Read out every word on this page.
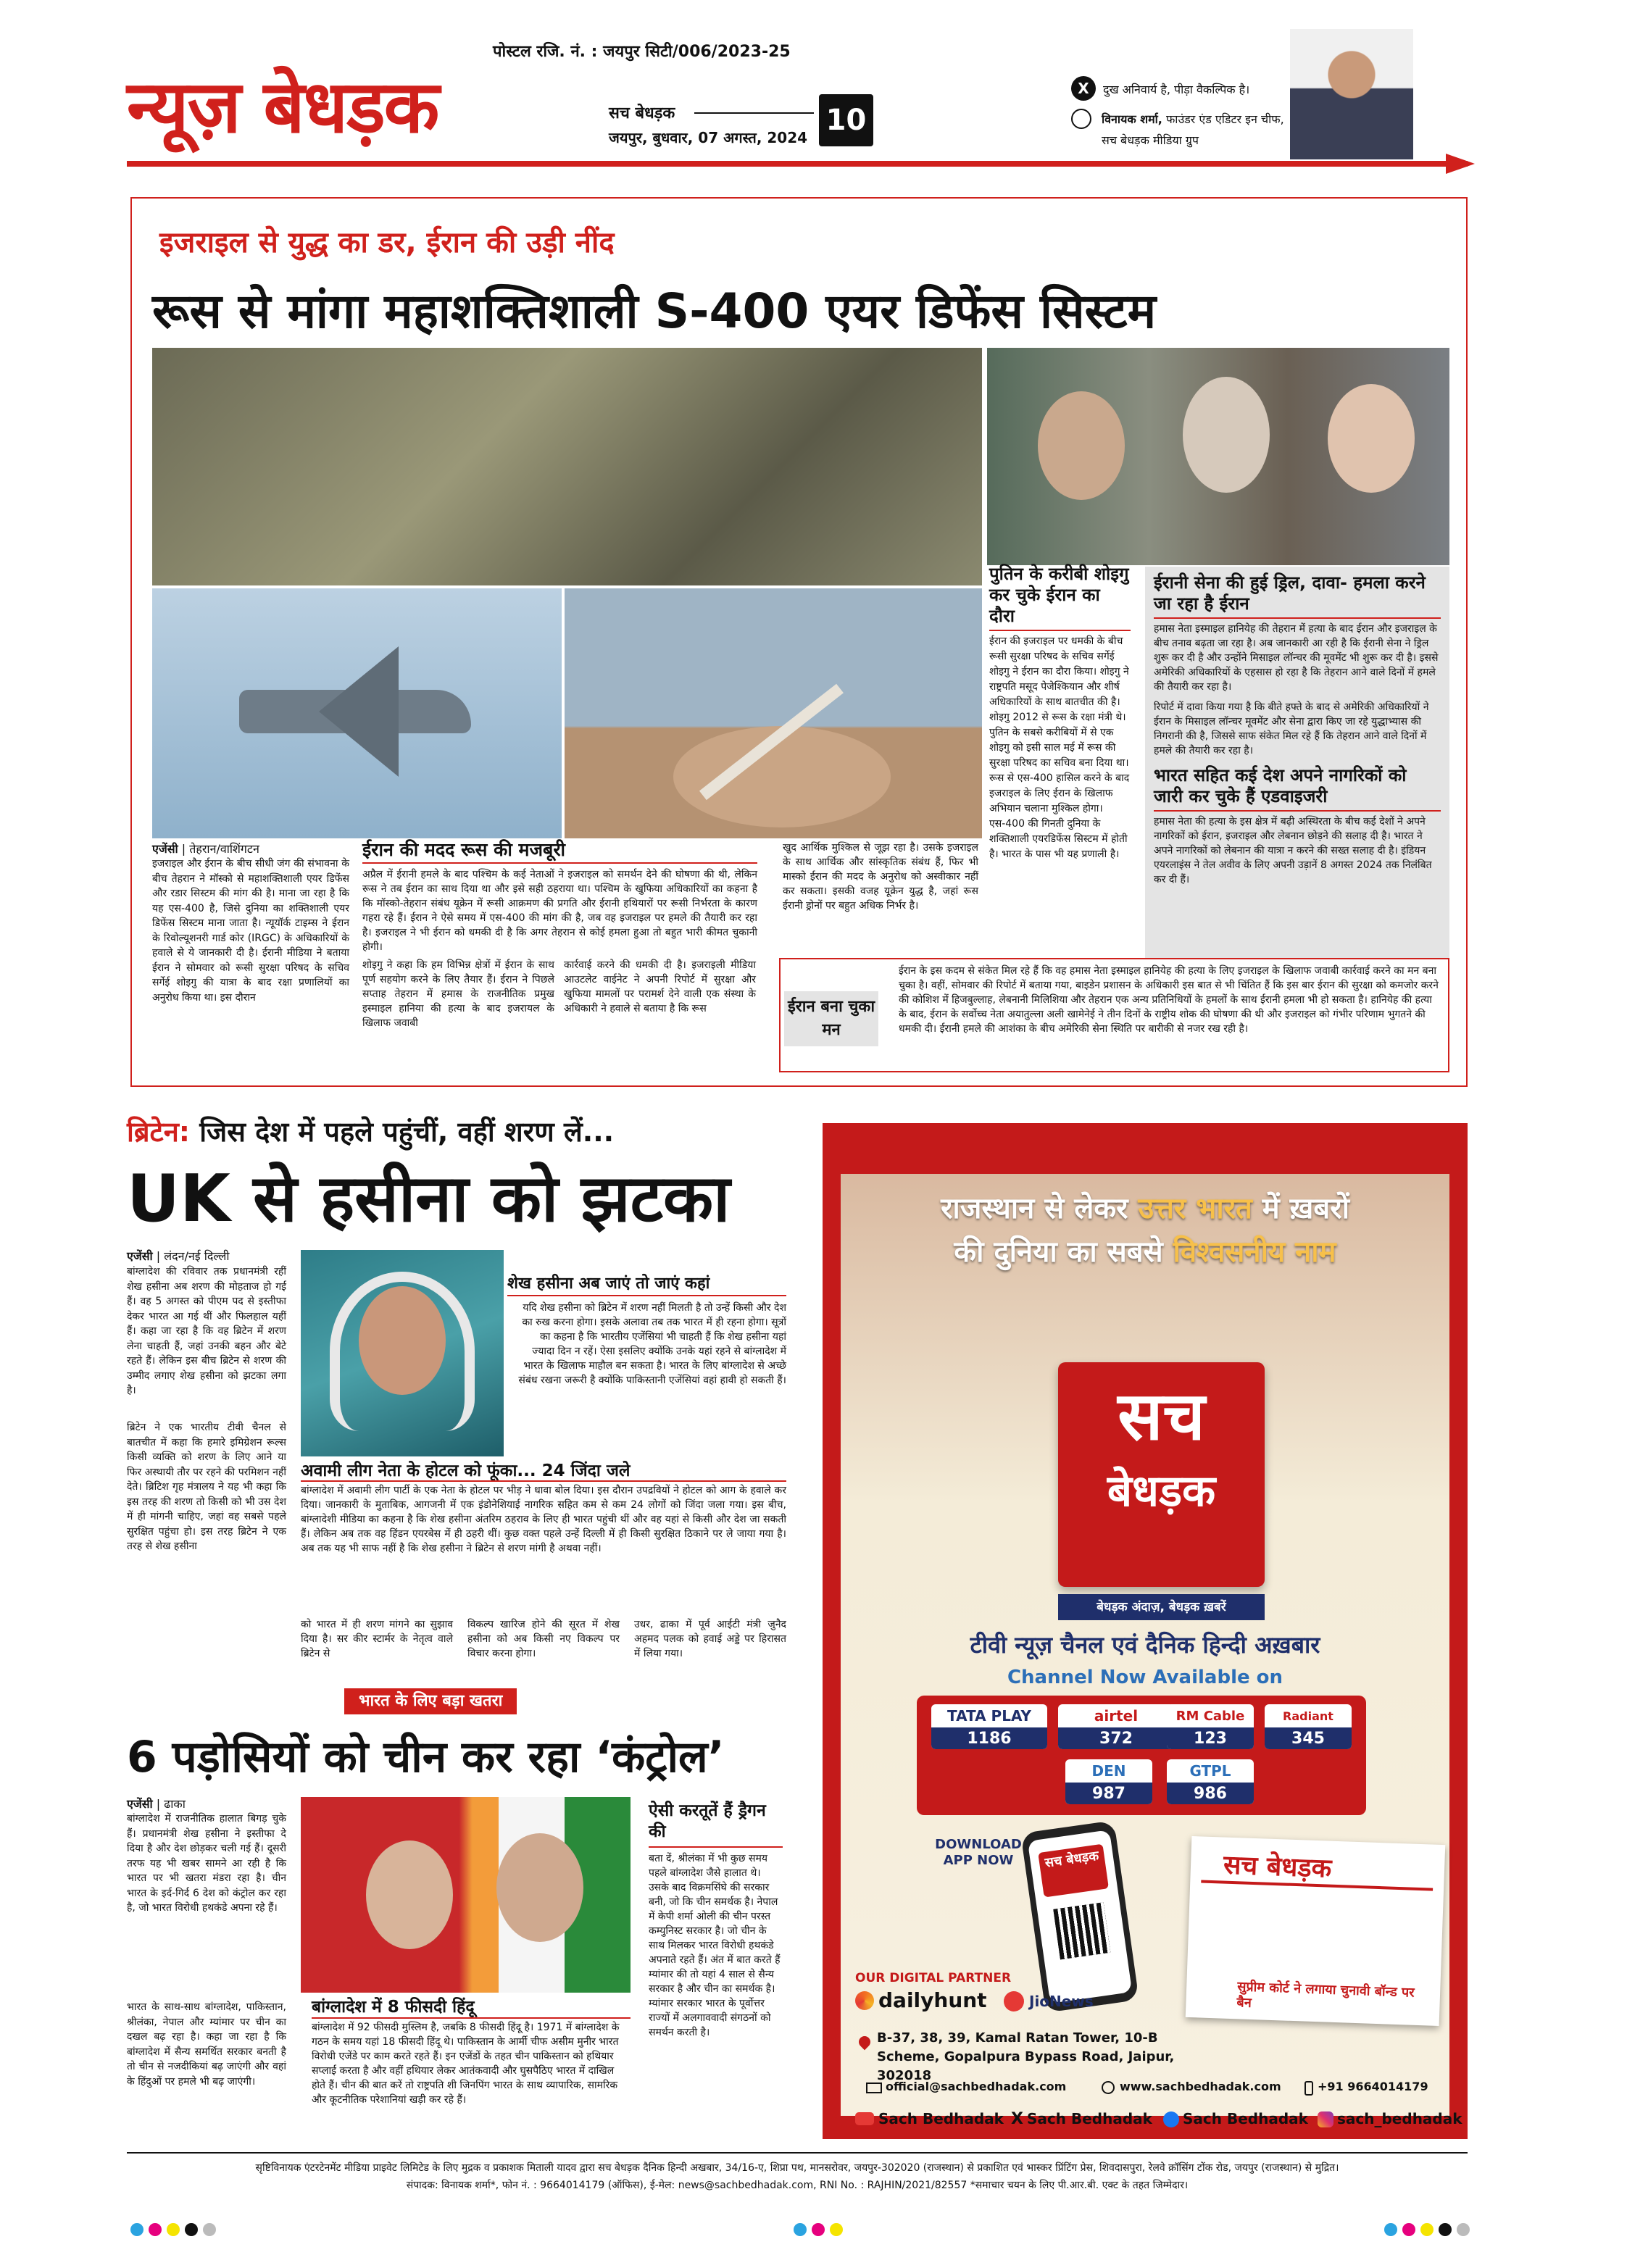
पोस्टल रजि. नं. : जयपुर सिटी/006/2023-25
न्यूज़ बेधड़क	सच बेधड़क
जयपुर, बुधवार, 07 अगस्त, 2024
10
X	दुख अनिवार्य है, पीड़ा वैकल्पिक है।
विनायक शर्मा, फाउंडर एंड एडिटर इन चीफ,
सच बेधड़क मीडिया ग्रुप
इजराइल से युद्ध का डर, ईरान की उड़ी नींद
रूस से मांगा महाशक्तिशाली S-400 एयर डिफेंस सिस्टम
पुतिन के करीबी शोइगु कर चुके ईरान का दौरा

ईरान की इजराइल पर धमकी के बीच रूसी सुरक्षा परिषद के सचिव सर्गेई शोइगु ने ईरान का दौरा किया। शोइगु ने राष्ट्रपति मसूद पेजेश्कियान और शीर्ष अधिकारियों के साथ बातचीत की है। शोइगु 2012 से रूस के रक्षा मंत्री थे। पुतिन के सबसे करीबियों में से एक शोइगु को इसी साल मई में रूस की सुरक्षा परिषद का सचिव बना दिया था। रूस से एस-400 हासिल करने के बाद इजराइल के लिए ईरान के खिलाफ अभियान चलाना मुश्किल होगा। एस-400 की गिनती दुनिया के शक्तिशाली एयरडिफेंस सिस्टम में होती है। भारत के पास भी यह प्रणाली है।

ईरानी सेना की हुई ड्रिल, दावा- हमला करने जा रहा है ईरान

हमास नेता इस्माइल हानियेह की तेहरान में हत्या के बाद ईरान और इजराइल के बीच तनाव बढ़ता जा रहा है। अब जानकारी आ रही है कि ईरानी सेना ने ड्रिल शुरू कर दी है और उन्होंने मिसाइल लॉन्चर की मूवमेंट भी शुरू कर दी है। इससे अमेरिकी अधिकारियों के एहसास हो रहा है कि तेहरान आने वाले दिनों में हमले की तैयारी कर रहा है।

रिपोर्ट में दावा किया गया है कि बीते हफ्ते के बाद से अमेरिकी अधिकारियों ने ईरान के मिसाइल लॉन्चर मूवमेंट और सेना द्वारा किए जा रहे युद्धाभ्यास की निगरानी की है, जिससे साफ संकेत मिल रहे हैं कि तेहरान आने वाले दिनों में हमले की तैयारी कर रहा है।

भारत सहित कई देश अपने नागरिकों को जारी कर चुके हैं एडवाइजरी

हमास नेता की हत्या के इस क्षेत्र में बढ़ी अस्थिरता के बीच कई देशों ने अपने नागरिकों को ईरान, इजराइल और लेबनान छोड़ने की सलाह दी है। भारत ने अपने नागरिकों को लेबनान की यात्रा न करने की सख्त सलाह दी है। इंडियन एयरलाइंस ने तेल अवीव के लिए अपनी उड़ानें 8 अगस्त 2024 तक निलंबित कर दी हैं।

एजेंसी | तेहरान/वाशिंगटन

इजराइल और ईरान के बीच सीधी जंग की संभावना के बीच तेहरान ने मॉस्को से महाशक्तिशाली एयर डिफेंस और रडार सिस्टम की मांग की है। माना जा रहा है कि यह एस-400 है, जिसे दुनिया का शक्तिशाली एयर डिफेंस सिस्टम माना जाता है। न्यूयॉर्क टाइम्स ने ईरान के रिवोल्यूशनरी गार्ड कोर (IRGC) के अधिकारियों के हवाले से ये जानकारी दी है। ईरानी मीडिया ने बताया ईरान ने सोमवार को रूसी सुरक्षा परिषद के सचिव सर्गेई शोइगु की यात्रा के बाद रक्षा प्रणालियों का अनुरोध किया था। इस दौरान

ईरान की मदद रूस की मजबूरी

अप्रैल में ईरानी हमले के बाद पश्चिम के कई नेताओं ने इजराइल को समर्थन देने की घोषणा की थी, लेकिन रूस ने तब ईरान का साथ दिया था और इसे सही ठहराया था। पश्चिम के खुफिया अधिकारियों का कहना है कि मॉस्को-तेहरान संबंध यूक्रेन में रूसी आक्रमण की प्रगति और ईरानी हथियारों पर रूसी निर्भरता के कारण गहरा रहे हैं। ईरान ने ऐसे समय में एस-400 की मांग की है, जब वह इजराइल पर हमले की तैयारी कर रहा है। इजराइल ने भी ईरान को धमकी दी है कि अगर तेहरान से कोई हमला हुआ तो बहुत भारी कीमत चुकानी होगी।

शोइगु ने कहा कि हम विभिन्न क्षेत्रों में ईरान के साथ पूर्ण सहयोग करने के लिए तैयार हैं। ईरान ने पिछले सप्ताह तेहरान में हमास के राजनीतिक प्रमुख इस्माइल हानिया की हत्या के बाद इजरायल के खिलाफ जवाबी

कार्रवाई करने की धमकी दी है। इजराइली मीडिया आउटलेट वाईनेट ने अपनी रिपोर्ट में सुरक्षा और खुफिया मामलों पर परामर्श देने वाली एक संस्था के अधिकारी ने हवाले से बताया है कि रूस

खुद आर्थिक मुश्किल से जूझ रहा है। उसके इजराइल के साथ आर्थिक और सांस्कृतिक संबंध हैं, फिर भी मास्को ईरान की मदद के अनुरोध को अस्वीकार नहीं कर सकता। इसकी वजह यूक्रेन युद्ध है, जहां रूस ईरानी ड्रोनों पर बहुत अधिक निर्भर है।

ईरान बना चुका मन

ईरान के इस कदम से संकेत मिल रहे हैं कि वह हमास नेता इस्माइल हानियेह की हत्या के लिए इजराइल के खिलाफ जवाबी कार्रवाई करने का मन बना चुका है। वहीं, सोमवार की रिपोर्ट में बताया गया, बाइडेन प्रशासन के अधिकारी इस बात से भी चिंतित हैं कि इस बार ईरान की सुरक्षा को कमजोर करने की कोशिश में हिजबुल्लाह, लेबनानी मिलिशिया और तेहरान एक अन्य प्रतिनिधियों के हमलों के साथ ईरानी हमला भी हो सकता है। हानियेह की हत्या के बाद, ईरान के सर्वोच्च नेता अयातुल्ला अली खामेनेई ने तीन दिनों के राष्ट्रीय शोक की घोषणा की थी और इजराइल को गंभीर परिणाम भुगतने की धमकी दी। ईरानी हमले की आशंका के बीच अमेरिकी सेना स्थिति पर बारीकी से नजर रख रही है।

ब्रिटेन: जिस देश में पहले पहुंचीं, वहीं शरण लें...
UK से हसीना को झटका
एजेंसी | लंदन/नई दिल्ली

बांग्लादेश की रविवार तक प्रधानमंत्री रहीं शेख हसीना अब शरण की मोहताज हो गई हैं। वह 5 अगस्त को पीएम पद से इस्तीफा देकर भारत आ गई थीं और फिलहाल यहीं हैं। कहा जा रहा है कि वह ब्रिटेन में शरण लेना चाहती हैं, जहां उनकी बहन और बेटे रहते हैं। लेकिन इस बीच ब्रिटेन से शरण की उम्मीद लगाए शेख हसीना को झटका लगा है।

ब्रिटेन ने एक भारतीय टीवी चैनल से बातचीत में कहा कि हमारे इमिग्रेशन रूल्स किसी व्यक्ति को शरण के लिए आने या फिर अस्थायी तौर पर रहने की परमिशन नहीं देते। ब्रिटिश गृह मंत्रालय ने यह भी कहा कि इस तरह की शरण तो किसी को भी उस देश में ही मांगनी चाहिए, जहां वह सबसे पहले सुरक्षित पहुंचा हो। इस तरह ब्रिटेन ने एक तरह से शेख हसीना

शेख हसीना अब जाएं तो जाएं कहां

यदि शेख हसीना को ब्रिटेन में शरण नहीं मिलती है तो उन्हें किसी और देश का रुख करना होगा। इसके अलावा तब तक भारत में ही रहना होगा। सूत्रों का कहना है कि भारतीय एजेंसियां भी चाहती हैं कि शेख हसीना यहां ज्यादा दिन न रहें। ऐसा इसलिए क्योंकि उनके यहां रहने से बांग्लादेश में भारत के खिलाफ माहौल बन सकता है। भारत के लिए बांग्लादेश से अच्छे संबंध रखना जरूरी है क्योंकि पाकिस्तानी एजेंसियां वहां हावी हो सकती हैं।

अवामी लीग नेता के होटल को फूंका... 24 जिंदा जले

बांग्लादेश में अवामी लीग पार्टी के एक नेता के होटल पर भीड़ ने धावा बोल दिया। इस दौरान उपद्रवियों ने होटल को आग के हवाले कर दिया। जानकारी के मुताबिक, आगजनी में एक इंडोनेशियाई नागरिक सहित कम से कम 24 लोगों को जिंदा जला गया। इस बीच, बांग्लादेशी मीडिया का कहना है कि शेख हसीना अंतरिम ठहराव के लिए ही भारत पहुंची थीं और वह यहां से किसी और देश जा सकती हैं। लेकिन अब तक वह हिंडन एयरबेस में ही ठहरी थीं। कुछ वक्त पहले उन्हें दिल्ली में ही किसी सुरक्षित ठिकाने पर ले जाया गया है। अब तक यह भी साफ नहीं है कि शेख हसीना ने ब्रिटेन से शरण मांगी है अथवा नहीं।

को भारत में ही शरण मांगने का सुझाव दिया है। सर कीर स्टार्मर के नेतृत्व वाले ब्रिटेन से

विकल्प खारिज होने की सूरत में शेख हसीना को अब किसी नए विकल्प पर विचार करना होगा।

उधर, ढाका में पूर्व आईटी मंत्री जुनैद अहमद पलक को हवाई अड्डे पर हिरासत में लिया गया।

भारत के लिए बड़ा खतरा
6 पड़ोसियों को चीन कर रहा ‘कंट्रोल’
एजेंसी | ढाका

बांग्लादेश में राजनीतिक हालात बिगड़ चुके हैं। प्रधानमंत्री शेख हसीना ने इस्तीफा दे दिया है और देश छोड़कर चली गई हैं। दूसरी तरफ यह भी खबर सामने आ रही है कि भारत पर भी खतरा मंडरा रहा है। चीन भारत के इर्द-गिर्द 6 देश को कंट्रोल कर रहा है, जो भारत विरोधी हथकंडे अपना रहे हैं।

भारत के साथ-साथ बांग्लादेश, पाकिस्तान, श्रीलंका, नेपाल और म्यांमार पर चीन का दखल बढ़ रहा है। कहा जा रहा है कि बांग्लादेश में सैन्य समर्थित सरकार बनती है तो चीन से नजदीकियां बढ़ जाएंगी और वहां के हिंदुओं पर हमले भी बढ़ जाएंगी।

बांग्लादेश में 8 फीसदी हिंदू

बांग्लादेश में 92 फीसदी मुस्लिम है, जबकि 8 फीसदी हिंदू है। 1971 में बांग्लादेश के गठन के समय यहां 18 फीसदी हिंदू थे। पाकिस्तान के आर्मी चीफ असीम मुनीर भारत विरोधी एजेंडे पर काम करते रहते हैं। इन एजेंडों के तहत चीन पाकिस्तान को हथियार सप्लाई करता है और वहीं हथियार लेकर आतंकवादी और घुसपैठिए भारत में दाखिल होते हैं। चीन की बात करें तो राष्ट्रपति शी जिनपिंग भारत के साथ व्यापारिक, सामरिक और कूटनीतिक परेशानियां खड़ी कर रहे हैं।

ऐसी करतूतें हैं ड्रैगन की

बता दें, श्रीलंका में भी कुछ समय पहले बांग्लादेश जैसे हालात थे। उसके बाद विक्रमसिंघे की सरकार बनी, जो कि चीन समर्थक है। नेपाल में केपी शर्मा ओली की चीन परस्त कम्युनिस्ट सरकार है। जो चीन के साथ मिलकर भारत विरोधी हथकंडे अपनाते रहते हैं। अंत में बात करते हैं म्यांमार की तो यहां 4 साल से सैन्य सरकार है और चीन का समर्थक है। म्यांमार सरकार भारत के पूर्वोत्तर राज्यों में अलगाववादी संगठनों को समर्थन करती है।

राजस्थान से लेकर उत्तर भारत में ख़बरों
की दुनिया का सबसे विश्वसनीय नाम
सच
बेधड़क
बेधड़क अंदाज़, बेधड़क ख़बरें
टीवी न्यूज़ चैनल एवं दैनिक हिन्दी अख़बार
Channel Now Available on
TATA PLAY
1186
airtel
372
RM Cable
123
Radiant
345
DEN
987
GTPL
986
DOWNLOAD APP NOW	सच बेधड़क	सच बेधड़क
सुप्रीम कोर्ट ने लगाया चुनावी बॉन्ड पर बैन
OUR DIGITAL PARTNER
dailyhunt	JioNews
B-37, 38, 39, Kamal Ratan Tower, 10-B Scheme, Gopalpura Bypass Road, Jaipur, 302018
official@sachbedhadak.com	www.sachbedhadak.com	+91 9664014179
Sach Bedhadak X Sach Bedhadak Sach Bedhadak sach_bedhadak
सृष्टिविनायक एंटरटेनमेंट मीडिया प्राइवेट लिमिटेड के लिए मुद्रक व प्रकाशक मिताली यादव द्वारा सच बेधड़क दैनिक हिन्दी अखबार, 34/16-ए, शिप्रा पथ, मानसरोवर, जयपुर-302020 (राजस्थान) से प्रकाशित एवं भास्कर प्रिंटिंग प्रेस, शिवदासपुरा, रेलवे क्रॉसिंग टोंक रोड, जयपुर (राजस्थान) से मुद्रित।
संपादक: विनायक शर्मा*, फोन नं. : 9664014179 (ऑफिस), ई-मेल: news@sachbedhadak.com, RNI No. : RAJHIN/2021/82557 *समाचार चयन के लिए पी.आर.बी. एक्ट के तहत जिम्मेदार।
